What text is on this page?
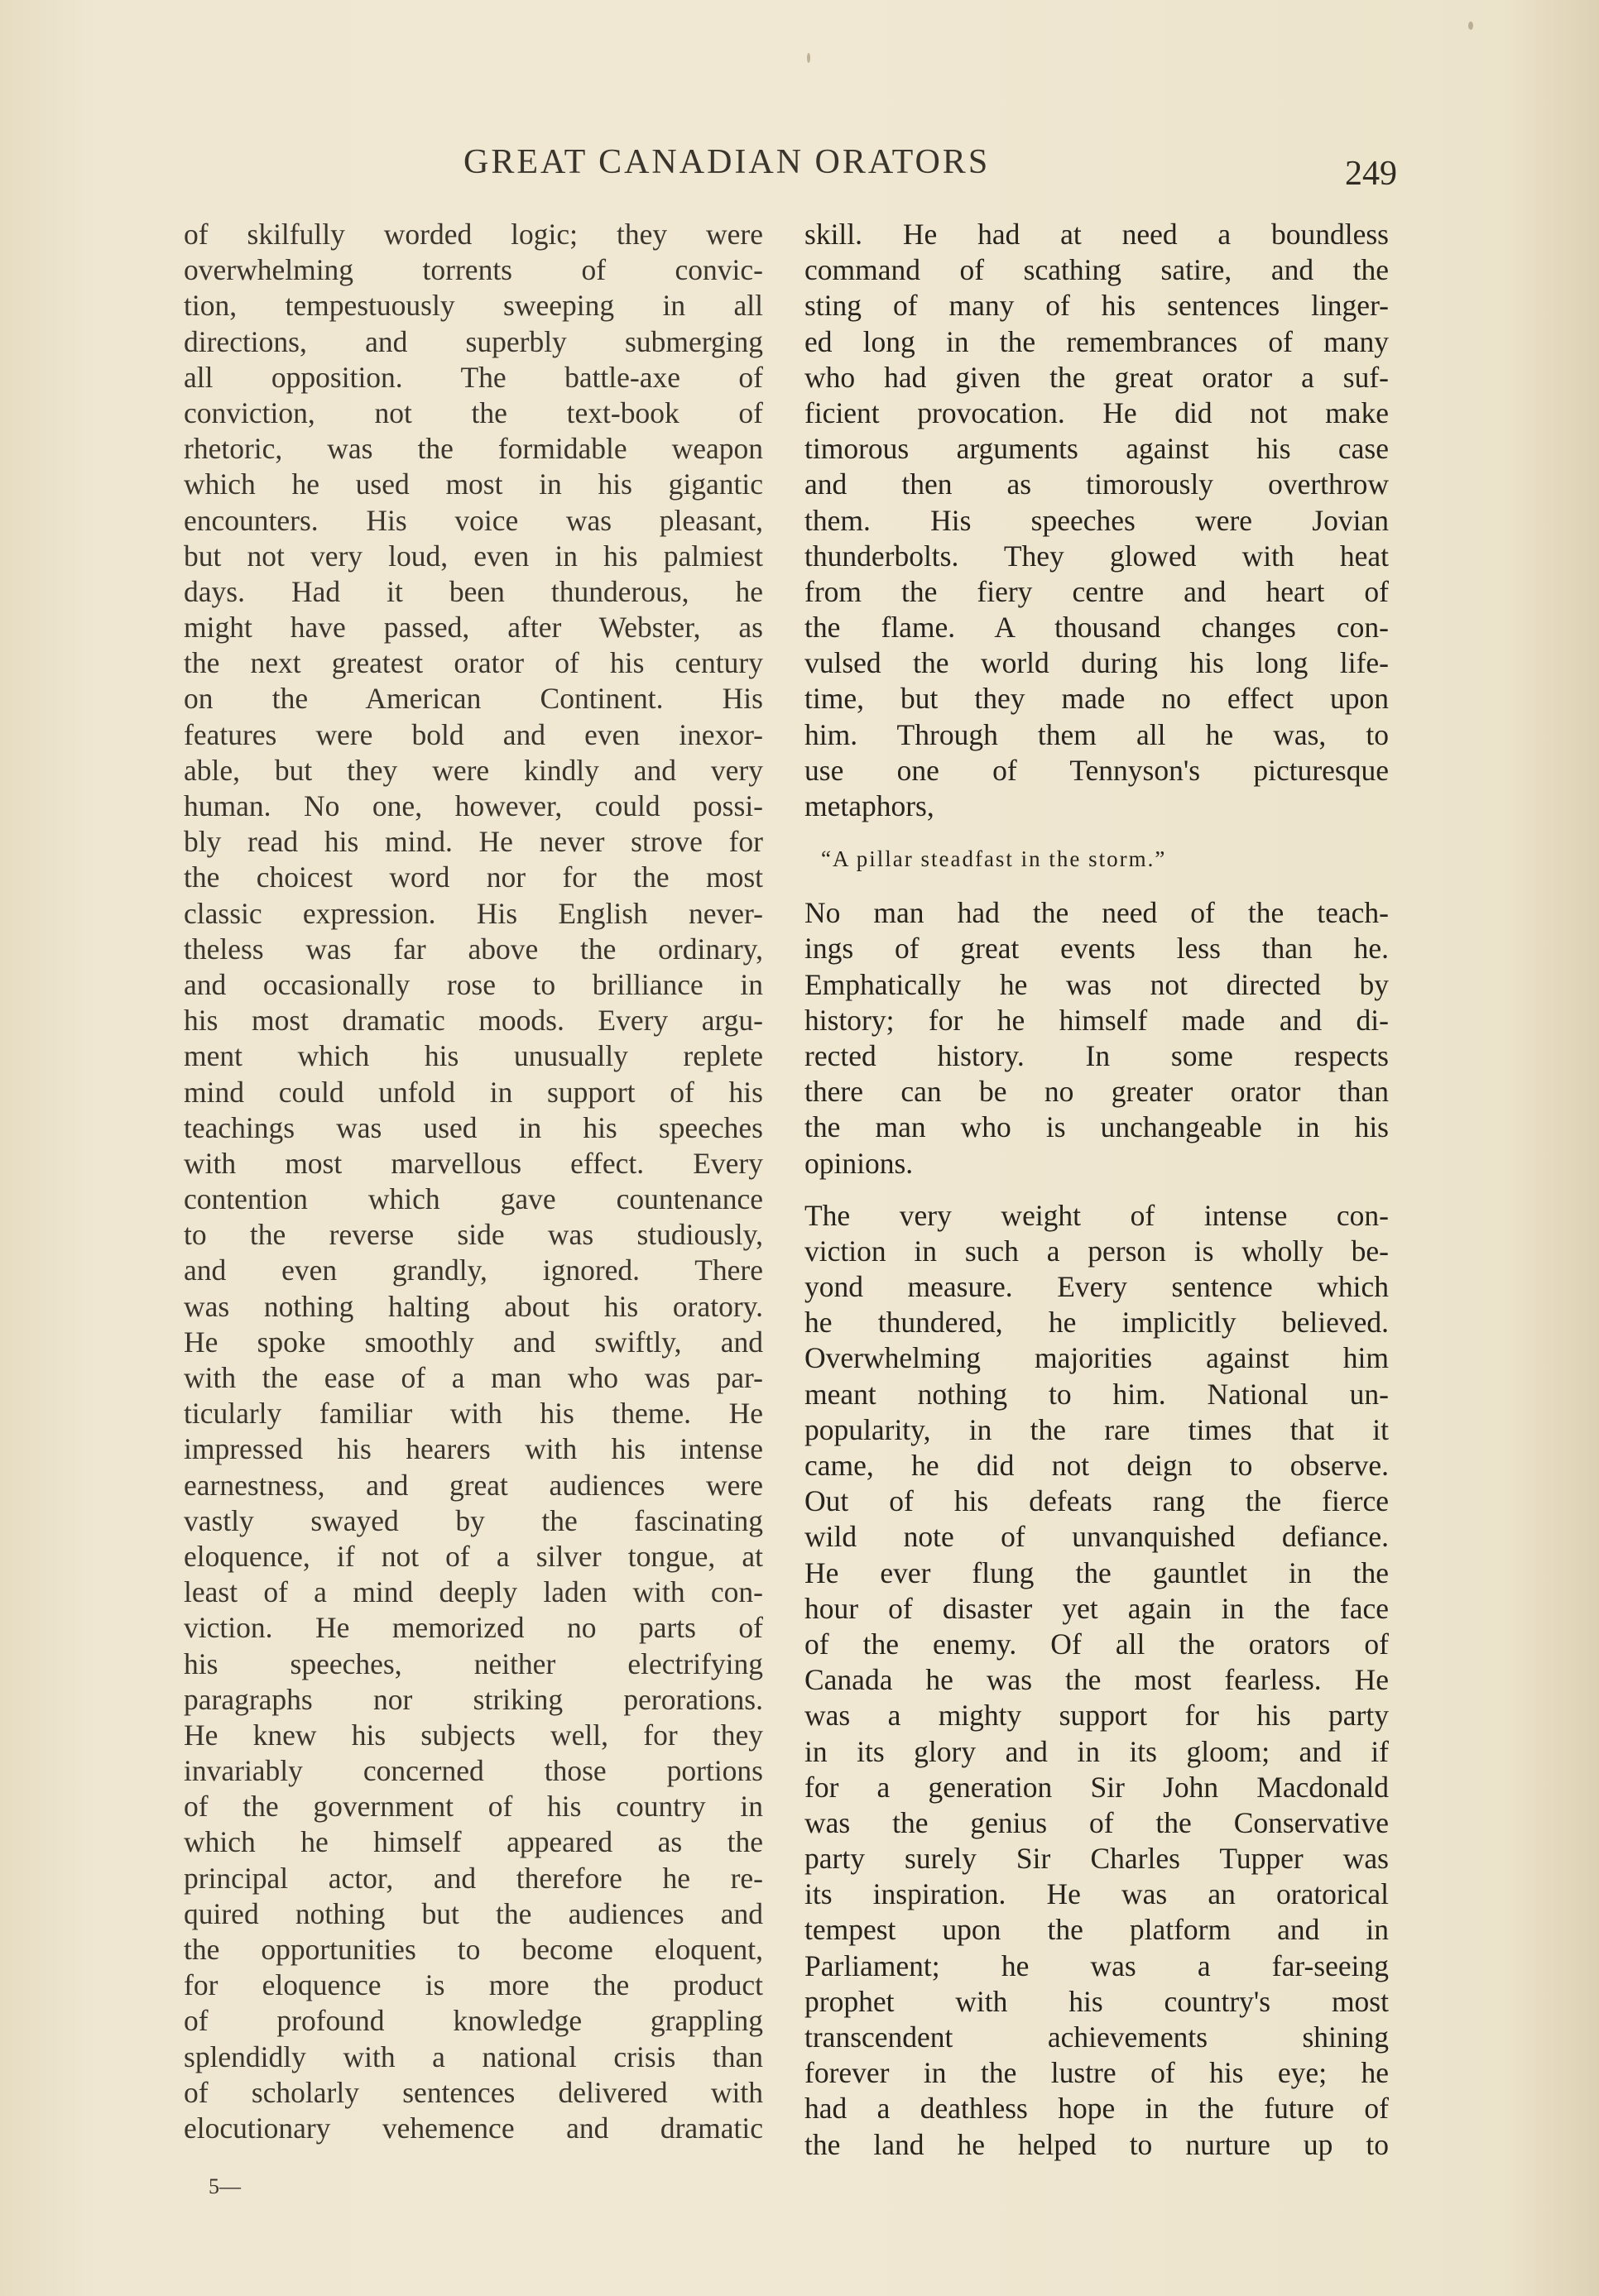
GREAT CANADIAN ORATORS	249
of skilfully worded logic; they were
overwhelming torrents of convic-
tion, tempestuously sweeping in all
directions, and superbly submerging
all opposition. The battle-axe of
conviction, not the text-book of
rhetoric, was the formidable weapon
which he used most in his gigantic
encounters. His voice was pleasant,
but not very loud, even in his palmiest
days. Had it been thunderous, he
might have passed, after Webster, as
the next greatest orator of his century
on the American Continent. His
features were bold and even inexor-
able, but they were kindly and very
human. No one, however, could possi-
bly read his mind. He never strove for
the choicest word nor for the most
classic expression. His English never-
theless was far above the ordinary,
and occasionally rose to brilliance in
his most dramatic moods. Every argu-
ment which his unusually replete
mind could unfold in support of his
teachings was used in his speeches
with most marvellous effect. Every
contention which gave countenance
to the reverse side was studiously,
and even grandly, ignored. There
was nothing halting about his oratory.
He spoke smoothly and swiftly, and
with the ease of a man who was par-
ticularly familiar with his theme. He
impressed his hearers with his intense
earnestness, and great audiences were
vastly swayed by the fascinating
eloquence, if not of a silver tongue, at
least of a mind deeply laden with con-
viction. He memorized no parts of
his speeches, neither electrifying
paragraphs nor striking perorations.
He knew his subjects well, for they
invariably concerned those portions
of the government of his country in
which he himself appeared as the
principal actor, and therefore he re-
quired nothing but the audiences and
the opportunities to become eloquent,
for eloquence is more the product
of profound knowledge grappling
splendidly with a national crisis than
of scholarly sentences delivered with
elocutionary vehemence and dramatic
skill. He had at need a boundless
command of scathing satire, and the
sting of many of his sentences linger-
ed long in the remembrances of many
who had given the great orator a suf-
ficient provocation. He did not make
timorous arguments against his case
and then as timorously overthrow
them. His speeches were Jovian
thunderbolts. They glowed with heat
from the fiery centre and heart of
the flame. A thousand changes con-
vulsed the world during his long life-
time, but they made no effect upon
him. Through them all he was, to
use one of Tennyson's picturesque
metaphors,
“A pillar steadfast in the storm.”
No man had the need of the teach-
ings of great events less than he.
Emphatically he was not directed by
history; for he himself made and di-
rected history. In some respects
there can be no greater orator than
the man who is unchangeable in his
opinions.
The very weight of intense con-
viction in such a person is wholly be-
yond measure. Every sentence which
he thundered, he implicitly believed.
Overwhelming majorities against him
meant nothing to him. National un-
popularity, in the rare times that it
came, he did not deign to observe.
Out of his defeats rang the fierce
wild note of unvanquished defiance.
He ever flung the gauntlet in the
hour of disaster yet again in the face
of the enemy. Of all the orators of
Canada he was the most fearless. He
was a mighty support for his party
in its glory and in its gloom; and if
for a generation Sir John Macdonald
was the genius of the Conservative
party surely Sir Charles Tupper was
its inspiration. He was an oratorical
tempest upon the platform and in
Parliament; he was a far-seeing
prophet with his country's most
transcendent achievements shining
forever in the lustre of his eye; he
had a deathless hope in the future of
the land he helped to nurture up to
5—
